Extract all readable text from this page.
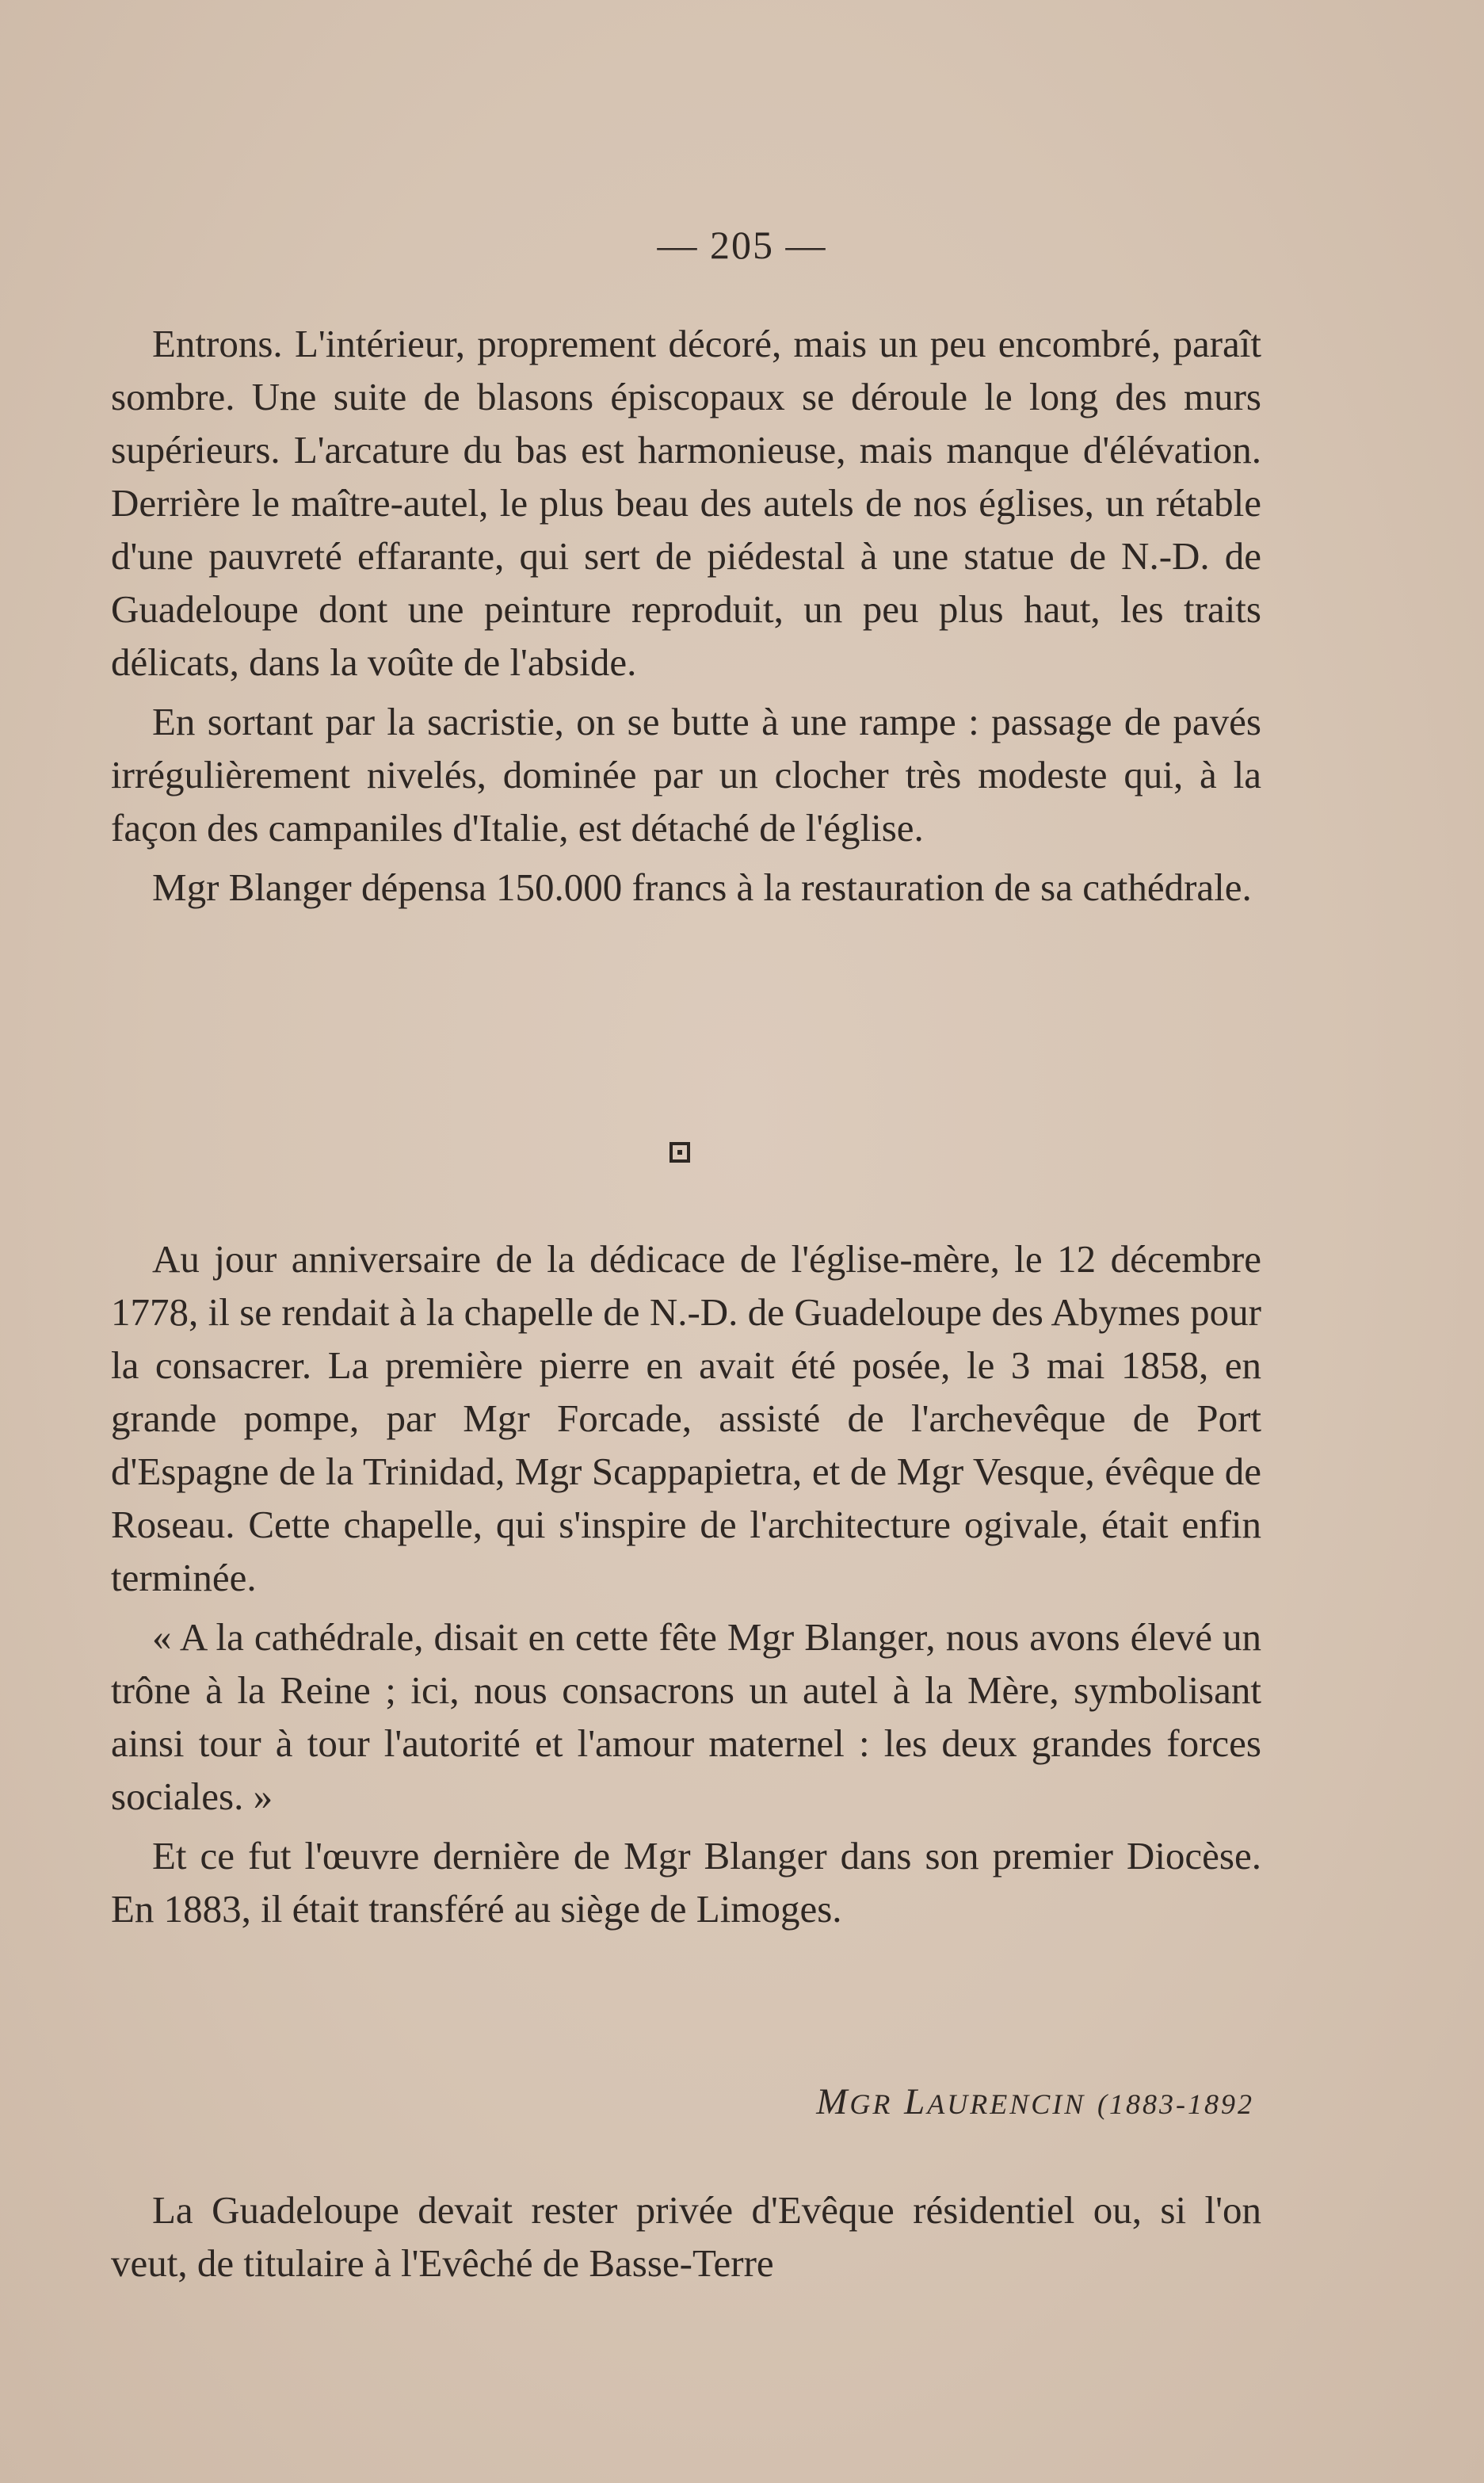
— 205 —

Entrons. L'intérieur, proprement décoré, mais un peu encombré, paraît sombre. Une suite de blasons épiscopaux se déroule le long des murs supérieurs. L'arcature du bas est harmonieuse, mais manque d'élévation. Derrière le maître-autel, le plus beau des autels de nos églises, un rétable d'une pauvreté effarante, qui sert de piédestal à une statue de N.-D. de Guadeloupe dont une peinture reproduit, un peu plus haut, les traits délicats, dans la voûte de l'abside.

En sortant par la sacristie, on se butte à une rampe : passage de pavés irrégulièrement nivelés, dominée par un clocher très modeste qui, à la façon des campaniles d'Italie, est détaché de l'église.

Mgr Blanger dépensa 150.000 francs à la restauration de sa cathédrale.

Au jour anniversaire de la dédicace de l'église-mère, le 12 décembre 1778, il se rendait à la chapelle de N.-D. de Guadeloupe des Abymes pour la consacrer. La première pierre en avait été posée, le 3 mai 1858, en grande pompe, par Mgr Forcade, assisté de l'archevêque de Port d'Espagne de la Trinidad, Mgr Scappapietra, et de Mgr Vesque, évêque de Roseau. Cette chapelle, qui s'inspire de l'architecture ogivale, était enfin terminée.

« A la cathédrale, disait en cette fête Mgr Blanger, nous avons élevé un trône à la Reine ; ici, nous consacrons un autel à la Mère, symbolisant ainsi tour à tour l'autorité et l'amour maternel : les deux grandes forces sociales. »

Et ce fut l'œuvre dernière de Mgr Blanger dans son premier Diocèse. En 1883, il était transféré au siège de Limoges.

MGR LAURENCIN (1883-1892

La Guadeloupe devait rester privée d'Evêque résidentiel ou, si l'on veut, de titulaire à l'Evêché de Basse-Terre
